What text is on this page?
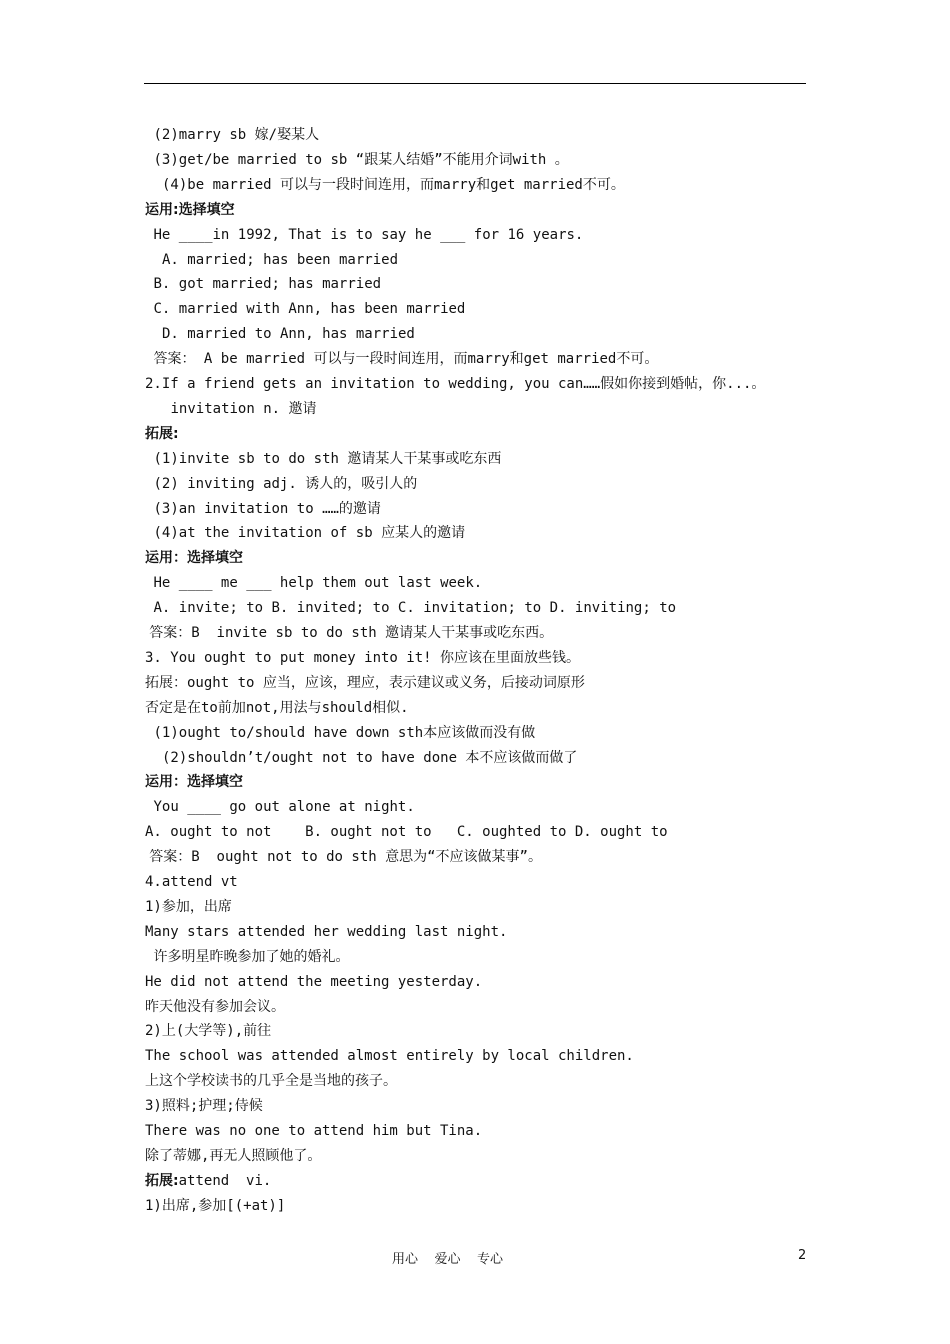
(2)marry sb 嫁/娶某人
(3)get/be married to sb “跟某人结婚”不能用介词with 。
(4)be married 可以与一段时间连用，而marry和get married不可。
运用:选择填空
He ____in 1992, That is to say he ___ for 16 years.
A. married; has been married
B. got married; has married
C. married with Ann, has been married
D. married to Ann, has married
答案： A be married 可以与一段时间连用，而marry和get married不可。
2.If a friend gets an invitation to wedding, you can……假如你接到婚帖，你...。
invitation n. 邀请
拓展:
(1)invite sb to do sth 邀请某人干某事或吃东西
(2) inviting adj. 诱人的，吸引人的
(3)an invitation to ……的邀请
(4)at the invitation of sb 应某人的邀请
运用：选择填空
He ____ me ___ help them out last week.
A. invite; to B. invited; to C. invitation; to D. inviting; to
答案：B  invite sb to do sth 邀请某人干某事或吃东西。
3. You ought to put money into it! 你应该在里面放些钱。
拓展：ought to 应当，应该，理应，表示建议或义务，后接动词原形
否定是在to前加not,用法与should相似.
(1)ought to/should have down sth本应该做而没有做
(2)shouldn’t/ought not to have done 本不应该做而做了
运用：选择填空
You ____ go out alone at night.
A. ought to not    B. ought not to   C. oughted to D. ought to
答案：B  ought not to do sth 意思为“不应该做某事”。
4.attend vt
1)参加，出席
Many stars attended her wedding last night.
许多明星昨晚参加了她的婚礼。
He did not attend the meeting yesterday.
昨天他没有参加会议。
2)上(大学等),前往
The school was attended almost entirely by local children.
上这个学校读书的几乎全是当地的孩子。
3)照料;护理;侍候
There was no one to attend him but Tina.
除了蒂娜,再无人照顾他了。
拓展:attend  vi.
1)出席,参加[(+at)]
用心    爱心    专心	2
